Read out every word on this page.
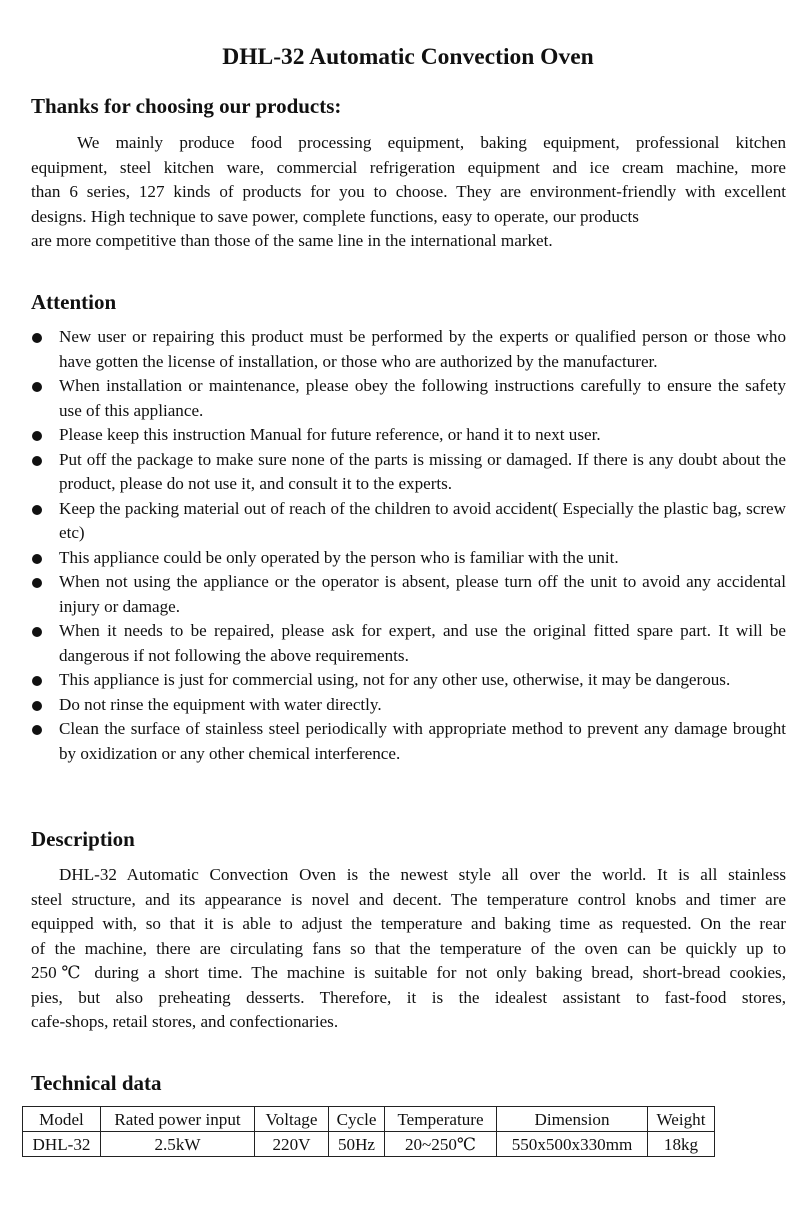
DHL-32 Automatic Convection Oven
Thanks for choosing our products:
We mainly produce food processing equipment, baking equipment, professional kitchen
equipment, steel kitchen ware, commercial refrigeration equipment and ice cream machine, more
than 6 series, 127 kinds of products for you to choose. They are environment-friendly with excellent
designs. High technique to save power, complete functions, easy to operate, our products
are more competitive than those of the same line in the international market.
Attention
New user or repairing this product must be performed by the experts or qualified person or those who have gotten the license of installation, or those who are authorized by the manufacturer.
When installation or maintenance, please obey the following instructions carefully to ensure the safety use of this appliance.
Please keep this instruction Manual for future reference, or hand it to next user.
Put off the package to make sure none of the parts is missing or damaged. If there is any doubt about the product, please do not use it, and consult it to the experts.
Keep the packing material out of reach of the children to avoid accident( Especially the plastic bag, screw etc)
This appliance could be only operated by the person who is familiar with the unit.
When not using the appliance or the operator is absent, please turn off the unit to avoid any accidental injury or damage.
When it needs to be repaired, please ask for expert, and use the original fitted spare part. It will be dangerous if not following the above requirements.
This appliance is just for commercial using, not for any other use, otherwise, it may be dangerous.
Do not rinse the equipment with water directly.
Clean the surface of stainless steel periodically with appropriate method to prevent any damage brought by oxidization or any other chemical interference.
Description
DHL-32 Automatic Convection Oven is the newest style all over the world. It is all stainless
steel structure, and its appearance is novel and decent. The temperature control knobs and timer are
equipped with, so that it is able to adjust the temperature and baking time as requested. On the rear
of the machine, there are circulating fans so that the temperature of the oven can be quickly up to
250℃ during a short time. The machine is suitable for not only baking bread, short-bread cookies,
pies, but also preheating desserts. Therefore, it is the idealest assistant to fast-food stores,
cafe-shops, retail stores, and confectionaries.
Technical data
Model	Rated power input	Voltage	Cycle	Temperature	Dimension	Weight
DHL-32	2.5kW	220V	50Hz	20~250℃	550x500x330mm	18kg
